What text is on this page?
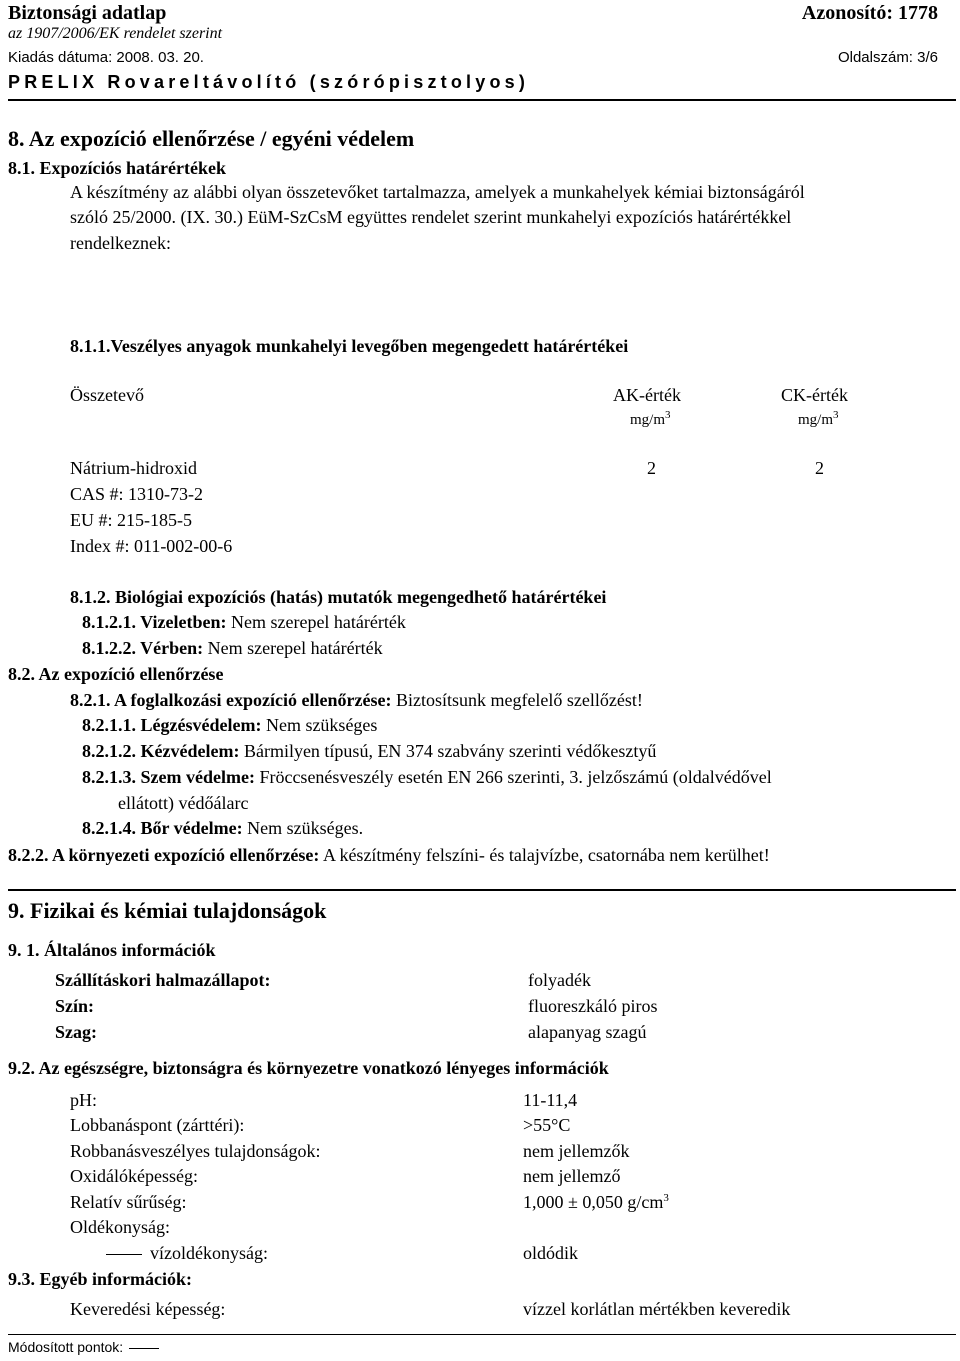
Biztonsági adatlap	Azonosító: 1778
az 1907/2006/EK rendelet szerint
Kiadás dátuma: 2008. 03. 20.	Oldalszám: 3/6
PRELIX Rovareltávolító (szórópisztolyos)
8. Az expozíció ellenőrzése / egyéni védelem
8.1. Expozíciós határértékek
A készítmény az alábbi olyan összetevőket tartalmazza, amelyek a munkahelyek kémiai biztonságáról
szóló 25/2000. (IX. 30.) EüM-SzCsM együttes rendelet szerint munkahelyi expozíciós határértékkel
rendelkeznek:
8.1.1.Veszélyes anyagok munkahelyi levegőben megengedett határértékei
Összetevő	AK-érték	CK-érték
$mg/m^3$	$mg/m^3$
Nátrium-hidroxid	2	2
CAS #: 1310-73-2
EU #: 215-185-5
Index #: 011-002-00-6
8.1.2. Biológiai expozíciós (hatás) mutatók megengedhető határértékei
8.1.2.1. Vizeletben: Nem szerepel határérték
8.1.2.2. Vérben: Nem szerepel határérték
8.2. Az expozíció ellenőrzése
8.2.1. A foglalkozási expozíció ellenőrzése: Biztosítsunk megfelelő szellőzést!
8.2.1.1. Légzésvédelem: Nem szükséges
8.2.1.2. Kézvédelem: Bármilyen típusú, EN 374 szabvány szerinti védőkesztyű
8.2.1.3. Szem védelme: Fröccsenésveszély esetén EN 266 szerinti, 3. jelzőszámú (oldalvédővel
ellátott) védőálarc
8.2.1.4. Bőr védelme: Nem szükséges.
8.2.2. A környezeti expozíció ellenőrzése: A készítmény felszíni- és talajvízbe, csatornába nem kerülhet!
9. Fizikai és kémiai tulajdonságok
9. 1. Általános információk
Szállításkori halmazállapot:	folyadék
Szín:	fluoreszkáló piros
Szag:	alapanyag szagú
9.2. Az egészségre, biztonságra és környezetre vonatkozó lényeges információk
pH:	11-11,4
Lobbanáspont (zárttéri):	>55°C
Robbanásveszélyes tulajdonságok:	nem jellemzők
Oxidálóképesség:	nem jellemző
Relatív sűrűség:	1,000 ± 0,050 $g/cm^3$
Oldékonyság:
vízoldékonyság:	oldódik
9.3. Egyéb információk:
Keveredési képesség:	vízzel korlátlan mértékben keveredik
Módosított pontok:
